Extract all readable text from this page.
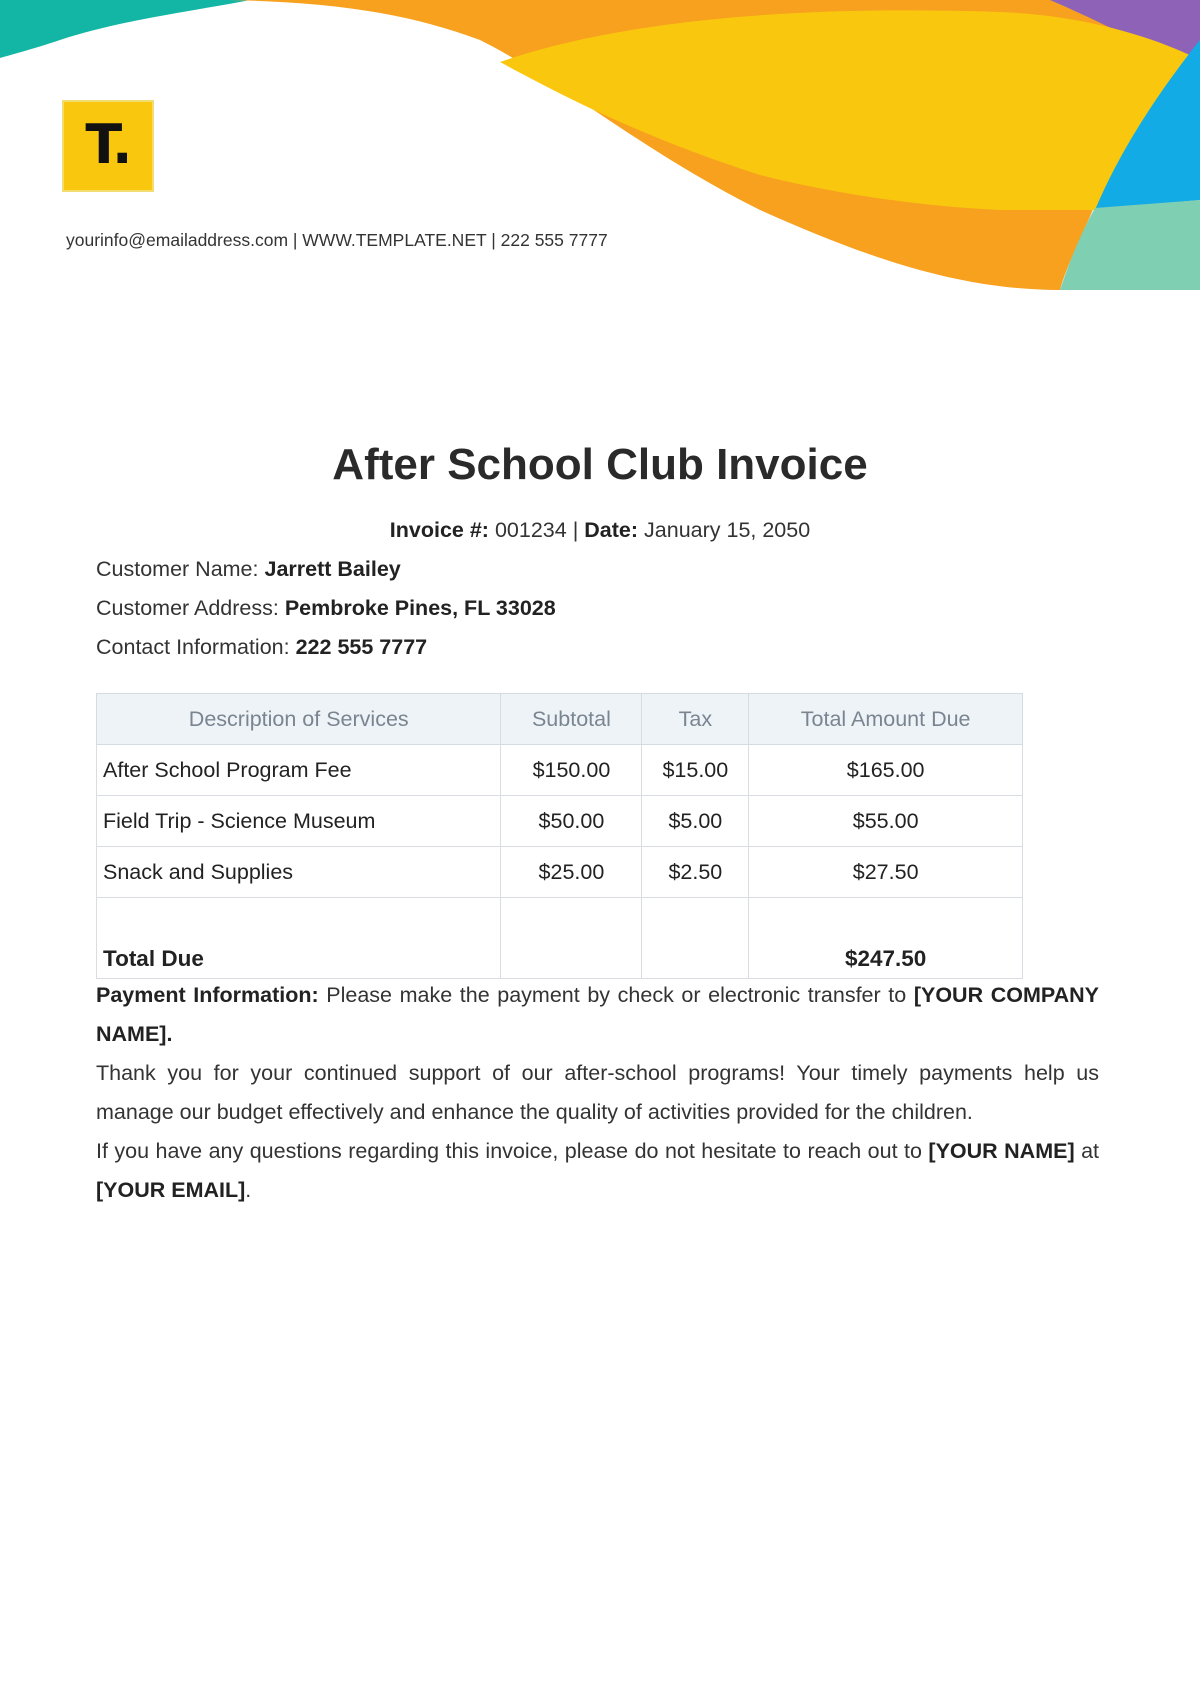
T.
yourinfo@emailaddress.com | WWW.TEMPLATE.NET | 222 555 7777
After School Club Invoice
Invoice #: 001234 | Date: January 15, 2050
Customer Name: Jarrett Bailey
Customer Address: Pembroke Pines, FL 33028
Contact Information: 222 555 7777
Description of Services	Subtotal	Tax	Total Amount Due
After School Program Fee	$150.00	$15.00	$165.00
Field Trip - Science Museum	$50.00	$5.00	$55.00
Snack and Supplies	$25.00	$2.50	$27.50
Total Due			$247.50
Payment Information: Please make the payment by check or electronic transfer to [YOUR COMPANY NAME].
Thank you for your continued support of our after-school programs! Your timely payments help us manage our budget effectively and enhance the quality of activities provided for the children.
If you have any questions regarding this invoice, please do not hesitate to reach out to [YOUR NAME] at [YOUR EMAIL].
